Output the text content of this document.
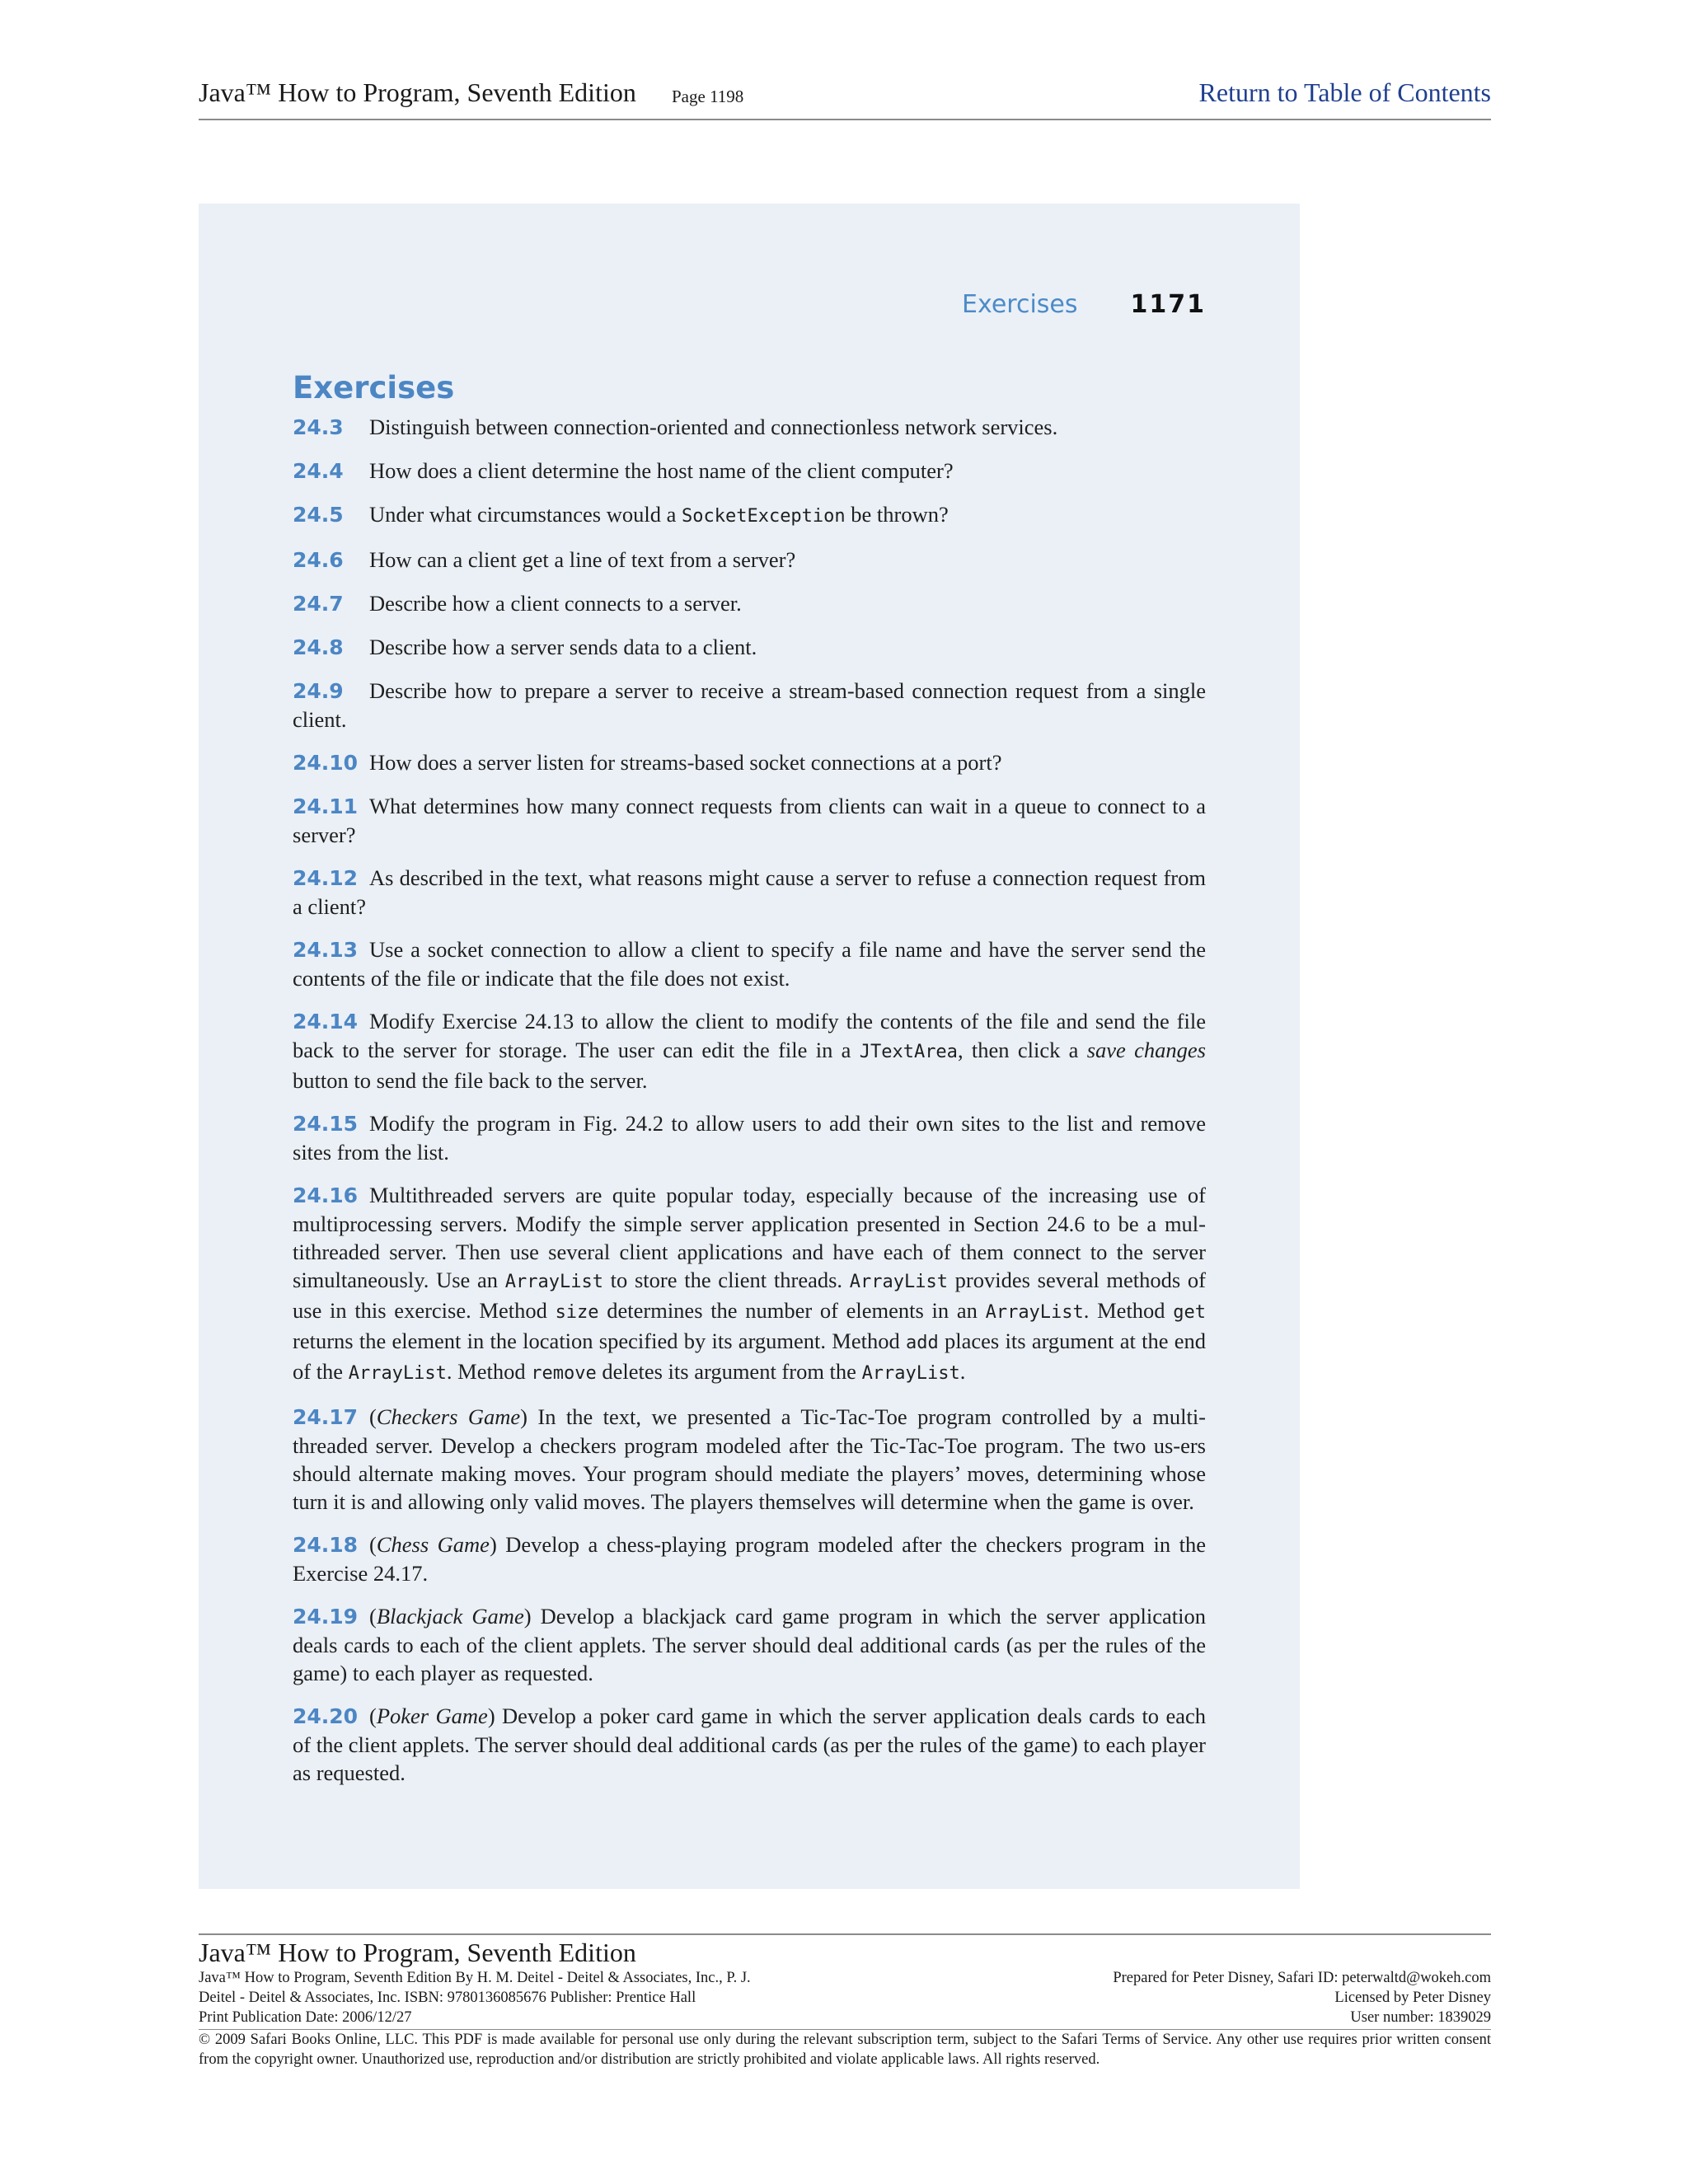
Java™ How to Program, Seventh Edition Page 1198	Return to Table of Contents
Exercises 1171
Exercises

24.3 Distinguish between connection-oriented and connectionless network services.

24.4 How does a client determine the host name of the client computer?

24.5 Under what circumstances would a SocketException be thrown?

24.6 How can a client get a line of text from a server?

24.7 Describe how a client connects to a server.

24.8 Describe how a server sends data to a client.

24.9 Describe how to prepare a server to receive a stream-based connection request from a single client.

24.10 How does a server listen for streams-based socket connections at a port?

24.11 What determines how many connect requests from clients can wait in a queue to connect to a server?

24.12 As described in the text, what reasons might cause a server to refuse a connection request from a client?

24.13 Use a socket connection to allow a client to specify a file name and have the server send the contents of the file or indicate that the file does not exist.

24.14 Modify Exercise 24.13 to allow the client to modify the contents of the file and send the file back to the server for storage. The user can edit the file in a JTextArea, then click a save changes button to send the file back to the server.

24.15 Modify the program in Fig. 24.2 to allow users to add their own sites to the list and remove sites from the list.

24.16 Multithreaded servers are quite popular today, especially because of the increasing use of multiprocessing servers. Modify the simple server application presented in Section 24.6 to be a mul-tithreaded server. Then use several client applications and have each of them connect to the server simultaneously. Use an ArrayList to store the client threads. ArrayList provides several methods of use in this exercise. Method size determines the number of elements in an ArrayList. Method get returns the element in the location specified by its argument. Method add places its argument at the end of the ArrayList. Method remove deletes its argument from the ArrayList.

24.17 (Checkers Game) In the text, we presented a Tic-Tac-Toe program controlled by a multi-threaded server. Develop a checkers program modeled after the Tic-Tac-Toe program. The two us-ers should alternate making moves. Your program should mediate the players’ moves, determining whose turn it is and allowing only valid moves. The players themselves will determine when the game is over.

24.18 (Chess Game) Develop a chess-playing program modeled after the checkers program in the Exercise 24.17.

24.19 (Blackjack Game) Develop a blackjack card game program in which the server application deals cards to each of the client applets. The server should deal additional cards (as per the rules of the game) to each player as requested.

24.20 (Poker Game) Develop a poker card game in which the server application deals cards to each of the client applets. The server should deal additional cards (as per the rules of the game) to each player as requested.

Java™ How to Program, Seventh Edition
Java™ How to Program, Seventh Edition By H. M. Deitel - Deitel & Associates, Inc., P. J.	Prepared for Peter Disney, Safari ID: peterwaltd@wokeh.com
Deitel - Deitel & Associates, Inc. ISBN: 9780136085676 Publisher: Prentice Hall	Licensed by Peter Disney
Print Publication Date: 2006/12/27	User number: 1839029
© 2009 Safari Books Online, LLC. This PDF is made available for personal use only during the relevant subscription term, subject to the Safari Terms of Service. Any other use requires prior written consent from the copyright owner. Unauthorized use, reproduction and/or distribution are strictly prohibited and violate applicable laws. All rights reserved.
